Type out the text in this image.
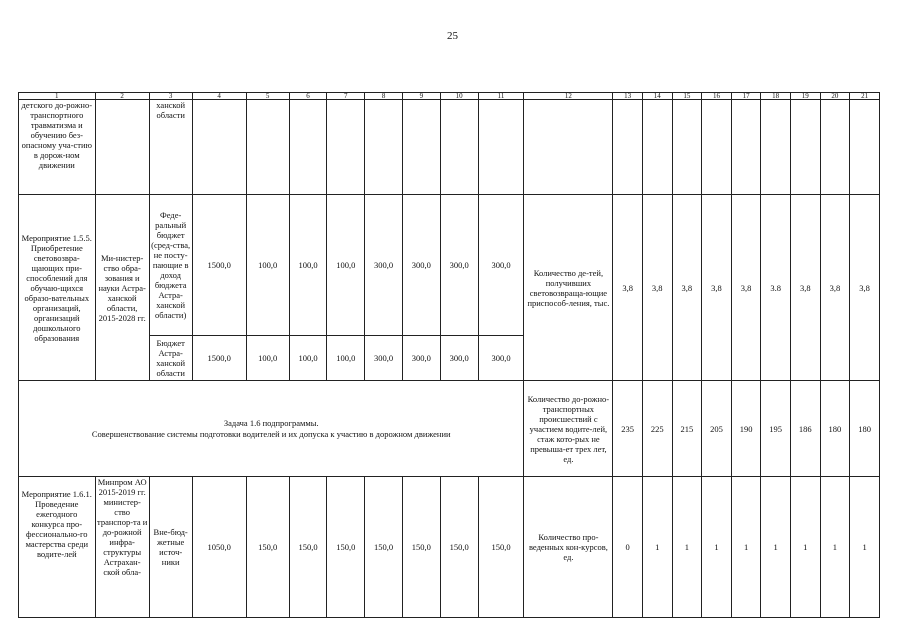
25
1	2	3	4	5	6	7	8	9	10	11	12	13	14	15	16	17	18	19	20	21
детского до-рожно-транспортного травматизма и обучению без-опасному уча-стию в дорож-ном движении		ханской области																		
Мероприятие 1.5.5. Приобретение световозвра-щающих при-способлений для обучаю-щихся образо-вательных организаций, организаций дошкольного образования	Ми-нистер-ство обра-зования и науки Астра-ханской области, 2015-2028 гг.	Феде-ральный бюджет (сред-ства, не посту-пающие в доход бюджета Астра-ханской области)	1500,0	100,0	100,0	100,0	300,0	300,0	300,0	300,0	Количество де-тей, получивших световозвраща-ющие приспособ-ления, тыс.	3,8	3,8	3,8	3,8	3,8	3.8	3,8	3,8	3,8
		Бюджет Астра-ханской области	1500,0	100,0	100,0	100,0	300,0	300,0	300,0	300,0										

Задача 1.6 подпрограммы.
Совершенствование системы подготовки водителей и их допуска к участию в дорожном движении											Количество до-рожно-транспортных происшествий с участием водите-лей, стаж кото-рых не превыша-ет трех лет, ед.	235	225	215	205	190	195	186	180	180
Мероприятие 1.6.1. Проведение ежегодного конкурса про-фессионально-го мастерства среди водите-лей	Минпром АО 2015-2019 гг. министер-ство транспор-та и до-рожной инфра-структуры Астрахан-ской обла-	Вне-бюд-жетные источ-ники	1050,0	150,0	150,0	150,0	150,0	150,0	150,0	150,0	Количество про-веденных кон-курсов, ед.	0	1	1	1	1	1	1	1	1
